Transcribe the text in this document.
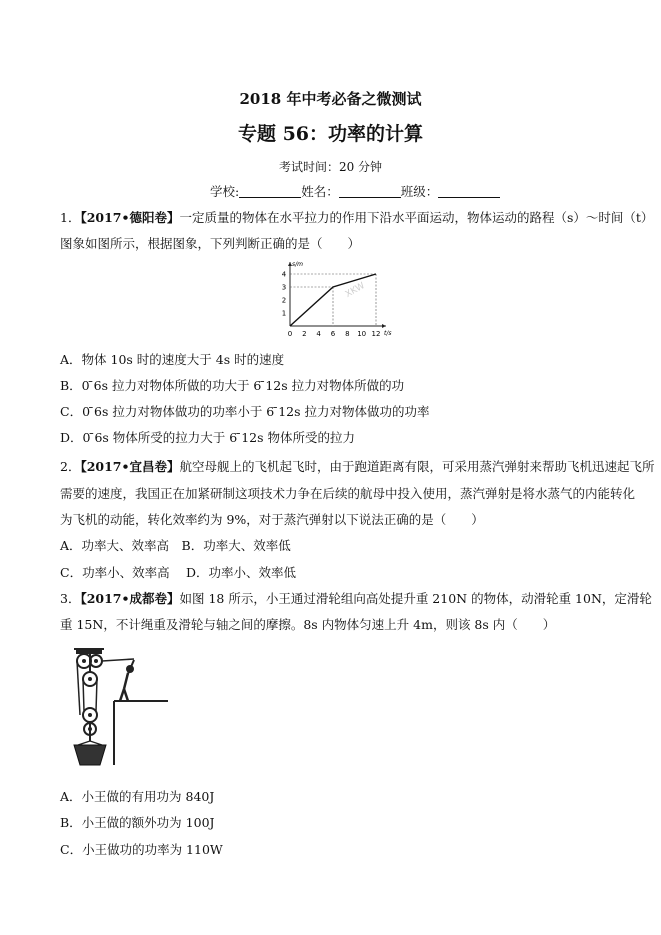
2018 年中考必备之微测试
专题 56：功率的计算
考试时间：20 分钟
学校:	姓名：	班级：
1．【2017•德阳卷】一定质量的物体在水平拉力的作用下沿水平面运动，物体运动的路程（s）～时间（t）
图象如图所示，根据图象，下列判断正确的是（　　）
t/s
s/m
0 2 4 6 8 10 12
1
2
3
4
XKW
A．物体 10s 时的速度大于 4s 时的速度
B．0 ̄6s 拉力对物体所做的功大于 6 ̄12s 拉力对物体所做的功
C．0 ̄6s 拉力对物体做功的功率小于 6 ̄12s 拉力对物体做功的功率
D．0 ̄6s 物体所受的拉力大于 6 ̄12s 物体所受的拉力
2．【2017•宜昌卷】航空母舰上的飞机起飞时，由于跑道距离有限，可采用蒸汽弹射来帮助飞机迅速起飞所
需要的速度，我国正在加紧研制这项技术力争在后续的航母中投入使用，蒸汽弹射是将水蒸气的内能转化
为飞机的动能，转化效率约为 9%，对于蒸汽弹射以下说法正确的是（　　）
A．功率大、效率高　B．功率大、效率低
C．功率小、效率高　 D．功率小、效率低
3．【2017•成都卷】如图 18 所示，小王通过滑轮组向高处提升重 210N 的物体，动滑轮重 10N，定滑轮
重 15N，不计绳重及滑轮与轴之间的摩擦。8s 内物体匀速上升 4m，则该 8s 内（　　）
A．小王做的有用功为 840J
B．小王做的额外功为 100J
C．小王做功的功率为 110W
